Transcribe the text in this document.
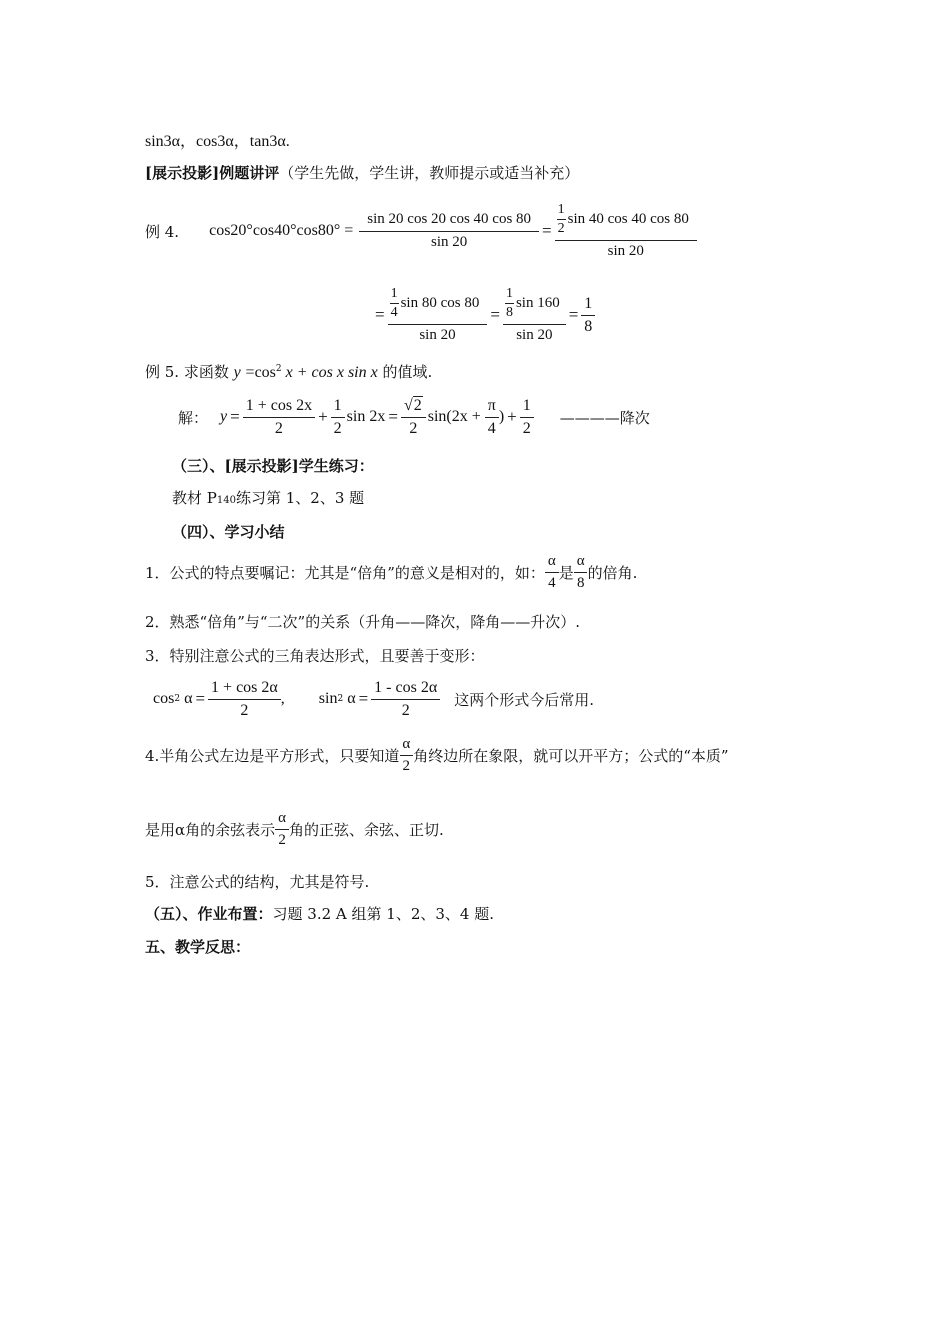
sin3α，cos3α，tan3α.
[展示投影]例题讲评（学生先做，学生讲，教师提示或适当补充）
例 4. $\cos 20^\circ\cos 40^\circ\cos 80^\circ = \frac{\sin 20 \cos 20 \cos 40 \cos 80}{\sin 20} = \frac{\frac{1}{2} \sin 40 \cos 40 \cos 80}{\sin 20}$
= $\frac{\frac{1}{4} \sin 80 \cos 80}{\sin 20} = \frac{\frac{1}{8} \sin 160}{\sin 20} = \frac{1}{8}$
例 5. 求函数 $y =\cos^2$ x + cos x sin x 的值域.
解： $y = \frac{1 + \cos 2x}{2} + \frac{1}{2}$ $\sin 2x = \frac{√2}{2} \sin(2x + \frac{\pi}{4}$ ) + $\frac{1}{2}$ ————降次
（三）、[展示投影]学生练习：
教材 P140练习第 1、2、3 题
（四）、学习小结
1．公式的特点要嘱记：尤其是“倍角”的意义是相对的，如： $\frac{\alpha}{4}$ 是 $\frac{\alpha}{8}$ 的倍角.
2．熟悉“倍角”与“二次”的关系（升角——降次，降角——升次）.
3．特别注意公式的三角表达形式，且要善于变形：
cos 2 $\alpha = \frac{1 + \cos 2\alpha}{2}$ , sin 2 $\alpha = \frac{1 - \cos 2\alpha}{2}$ 这两个形式今后常用.
4.半角公式左边是平方形式，只要知道 $\frac{\alpha}{2}$ 角终边所在象限，就可以开平方；公式的“本质”
是用α角的余弦表示 $\frac{\alpha}{2}$ 角的正弦、余弦、正切.
5．注意公式的结构，尤其是符号.
（五）、作业布置：习题 3.2 A 组第 1、2、3、4 题.
五、教学反思：
